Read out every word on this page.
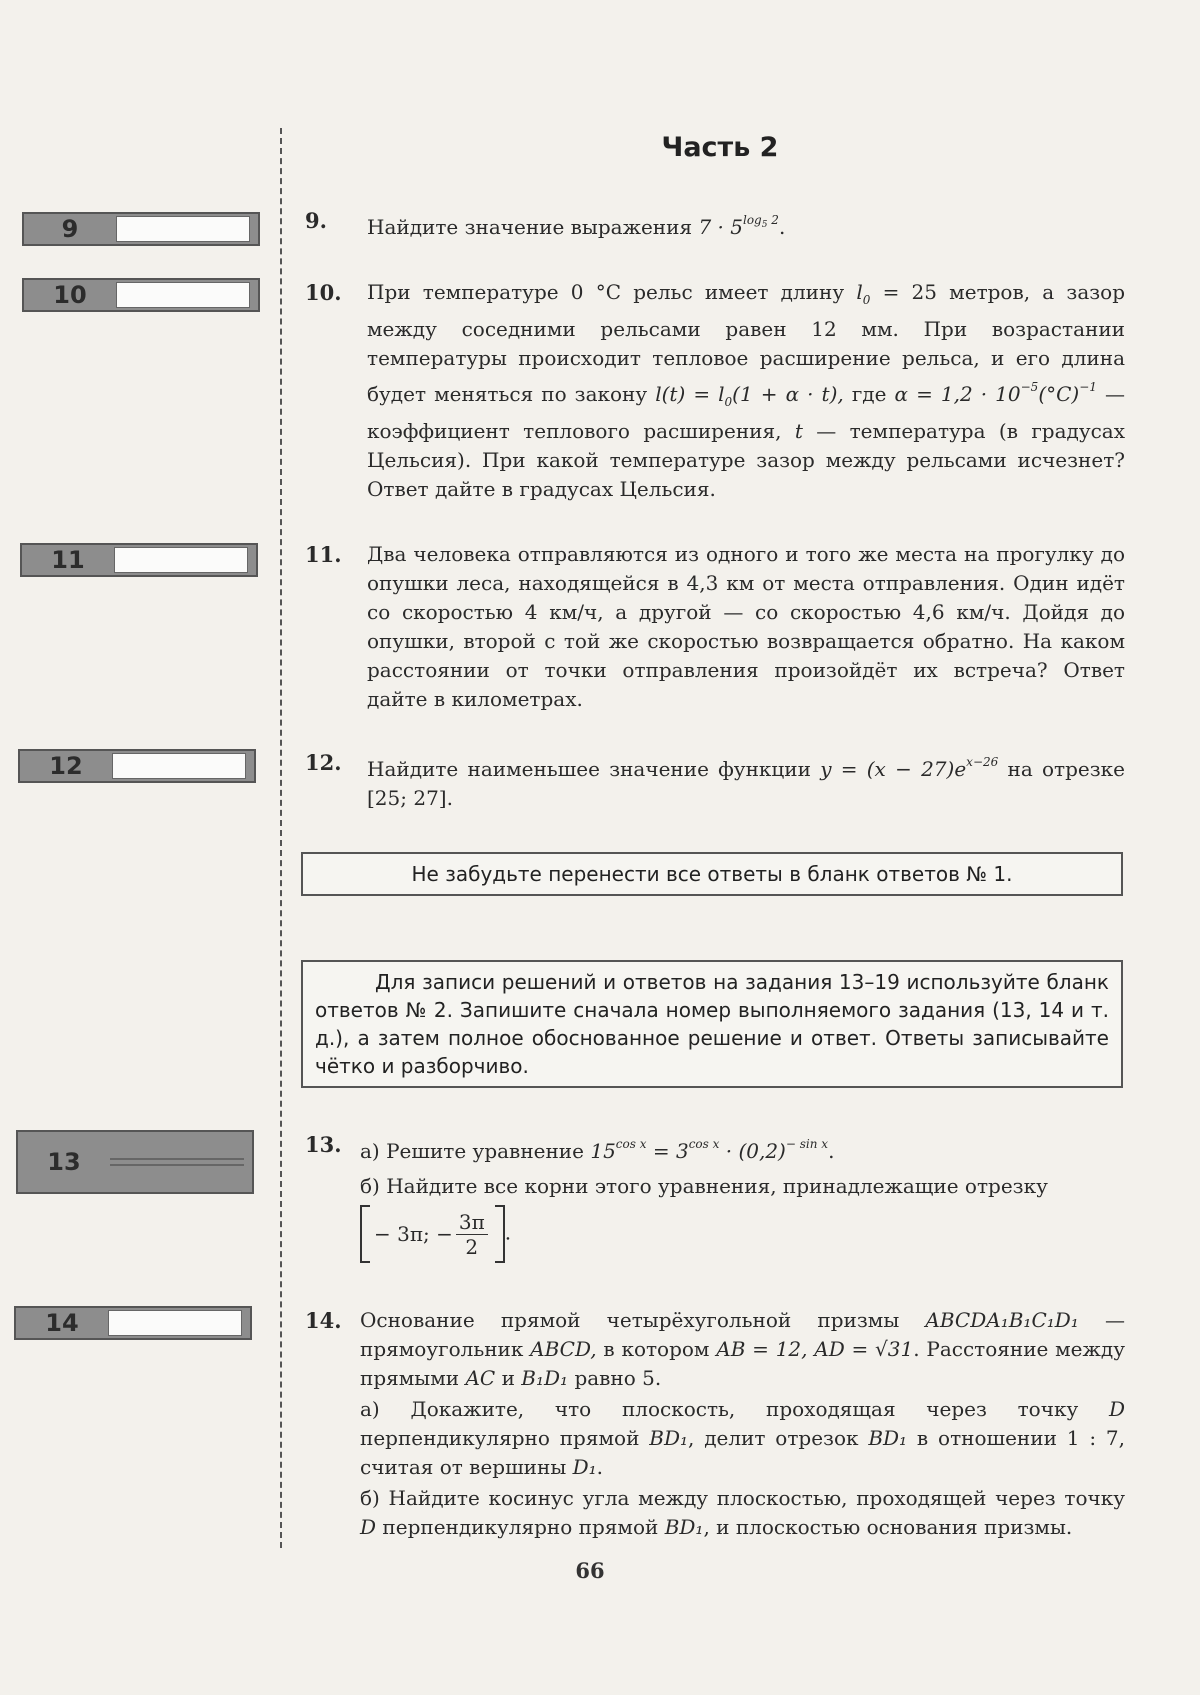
Часть 2
9
10
11
12
13
14
9. Найдите значение выражения $7 \cdot 5^{log_5 2}$.
10. При температуре 0 °C рельс имеет длину $l_0 = 25$ метров, а зазор между соседними рельсами равен 12 мм. При возрастании температуры происходит тепловое расширение рельса, и его длина будет меняться по закону $l(t) = l_0(1 + \alpha \cdot t)$, где $\alpha = 1,2 \cdot 10^{-5}(^\circ C)^{-1}$ — коэффициент теплового расширения, t — температура (в градусах Цельсия). При какой температуре зазор между рельсами исчезнет? Ответ дайте в градусах Цельсия.
11. Два человека отправляются из одного и того же места на прогулку до опушки леса, находящейся в 4,3 км от места отправления. Один идёт со скоростью 4 км/ч, а другой — со скоростью 4,6 км/ч. Дойдя до опушки, второй с той же скоростью возвращается обратно. На каком расстоянии от точки отправления произойдёт их встреча? Ответ дайте в километрах.
12. Найдите наименьшее значение функции $y = (x - 27)e^{x-26}$ на отрезке [25; 27].
Не забудьте перенести все ответы в бланк ответов № 1.
Для записи решений и ответов на задания 13–19 используйте бланк ответов № 2. Запишите сначала номер выполняемого задания (13, 14 и т. д.), а затем полное обоснованное решение и ответ. Ответы записывайте чётко и разборчиво.
13. а) Решите уравнение $15^{cos x} = 3^{cos x} \cdot (0,2)^{- sin x}$.

б) Найдите все корни этого уравнения, принадлежащие отрезку

− 3π; − $\frac{3\pi}{2}$ .
14. Основание прямой четырёхугольной призмы ABCDA₁B₁C₁D₁ — прямоугольник ABCD, в котором AB = 12, AD = √31. Расстояние между прямыми AC и B₁D₁ равно 5.

а) Докажите, что плоскость, проходящая через точку D перпендикулярно прямой BD₁, делит отрезок BD₁ в отношении 1 : 7, считая от вершины D₁.

б) Найдите косинус угла между плоскостью, проходящей через точку D перпендикулярно прямой BD₁, и плоскостью основания призмы.

66
